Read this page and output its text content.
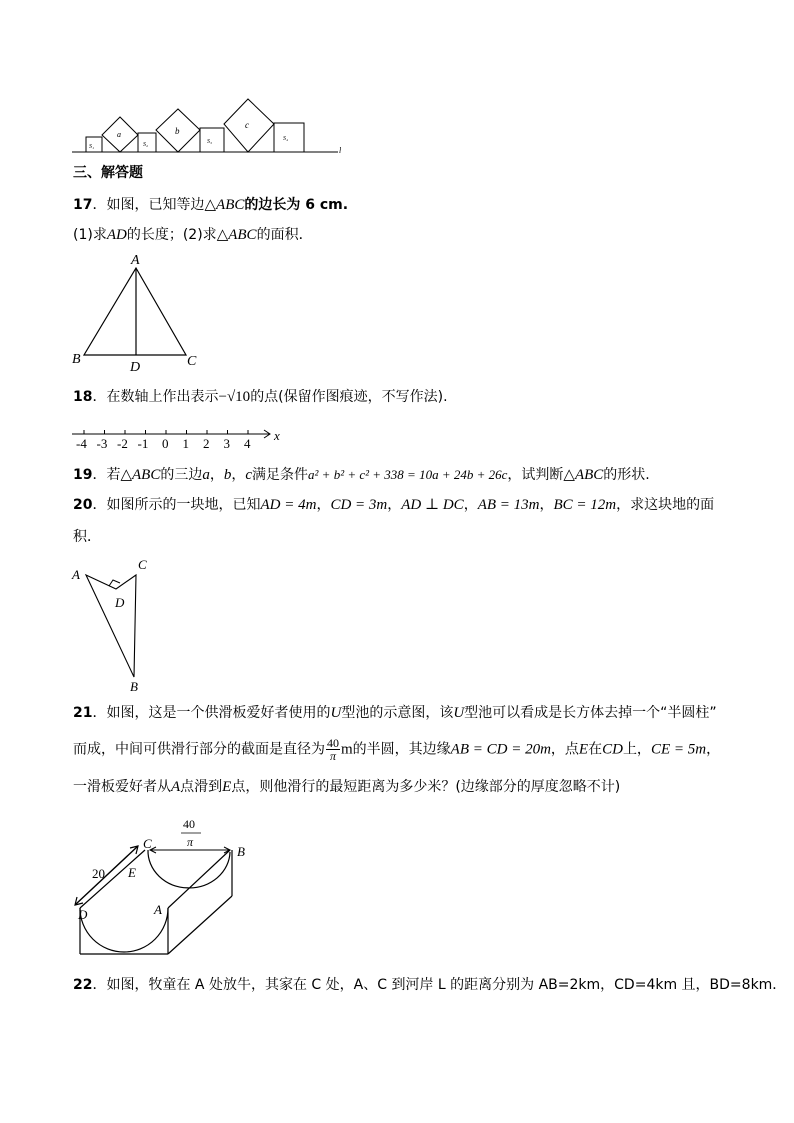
S₁
a
S₂
b
S₃
c
S₄
l
三、解答题
17．如图，已知等边△ABC的边长为 6 cm.
(1)求AD的长度；(2)求△ABC的面积．
A
B	C
D
18．在数轴上作出表示−√10的点(保留作图痕迹，不写作法).
-4 -3 -2 -1 0 1 2 3 4
x
19．若△ABC的三边a，b，c满足条件a² + b² + c² + 338 = 10a + 24b + 26c，试判断△ABC的形状.
20．如图所示的一块地，已知AD = 4m，CD = 3m，AD ⊥ DC，AB = 13m，BC = 12m，求这块地的面
积．
A
C
D
B
21．如图，这是一个供滑板爱好者使用的U型池的示意图，该U型池可以看成是长方体去掉一个“半圆柱”
而成，中间可供滑行部分的截面是直径为 $\frac{40}{\pi}$ m的半圆，其边缘AB = CD = 20m，点E在CD上，CE = 5m，
一滑板爱好者从A点滑到E点，则他滑行的最短距离为多少米？(边缘部分的厚度忽略不计)
40
π
20
C
B
E
D	A
22．如图，牧童在 A 处放牛，其家在 C 处，A、C 到河岸 L 的距离分别为 AB=2km，CD=4km 且，BD=8km．
